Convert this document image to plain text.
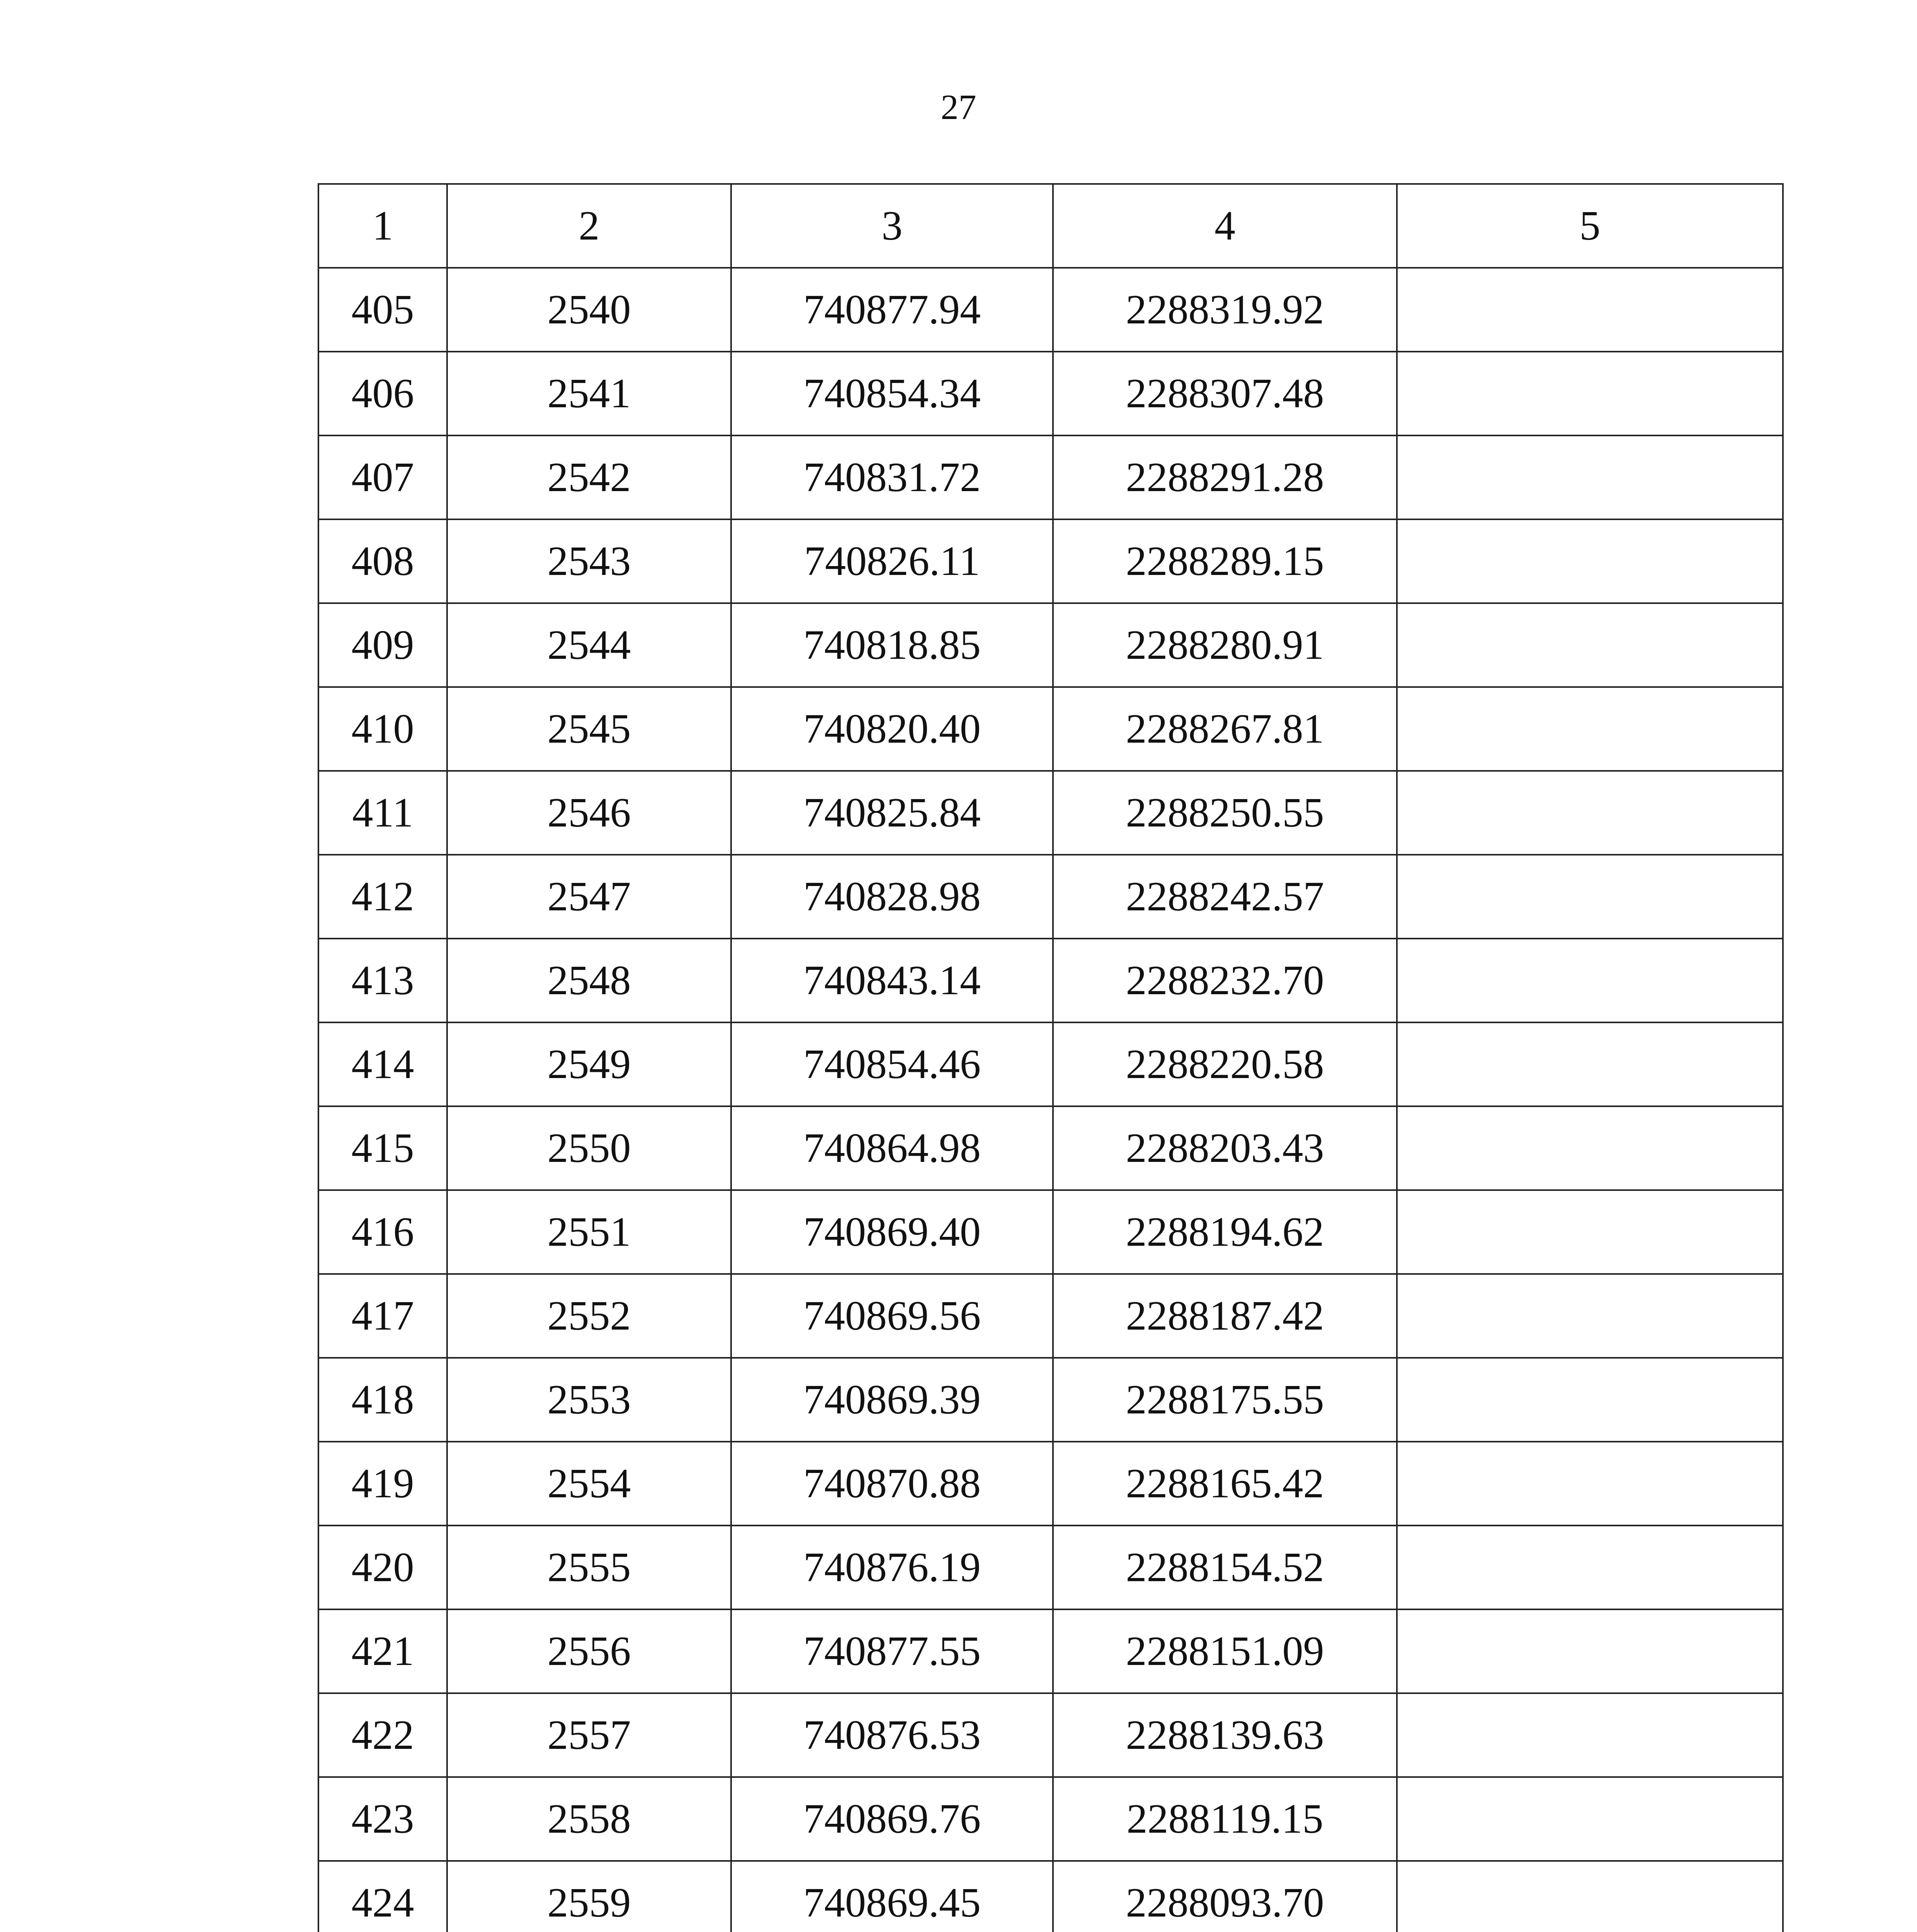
27
1	2	3	4	5
405	2540	740877.94	2288319.92	
406	2541	740854.34	2288307.48	
407	2542	740831.72	2288291.28	
408	2543	740826.11	2288289.15	
409	2544	740818.85	2288280.91	
410	2545	740820.40	2288267.81	
411	2546	740825.84	2288250.55	
412	2547	740828.98	2288242.57	
413	2548	740843.14	2288232.70	
414	2549	740854.46	2288220.58	
415	2550	740864.98	2288203.43	
416	2551	740869.40	2288194.62	
417	2552	740869.56	2288187.42	
418	2553	740869.39	2288175.55	
419	2554	740870.88	2288165.42	
420	2555	740876.19	2288154.52	
421	2556	740877.55	2288151.09	
422	2557	740876.53	2288139.63	
423	2558	740869.76	2288119.15	
424	2559	740869.45	2288093.70	
